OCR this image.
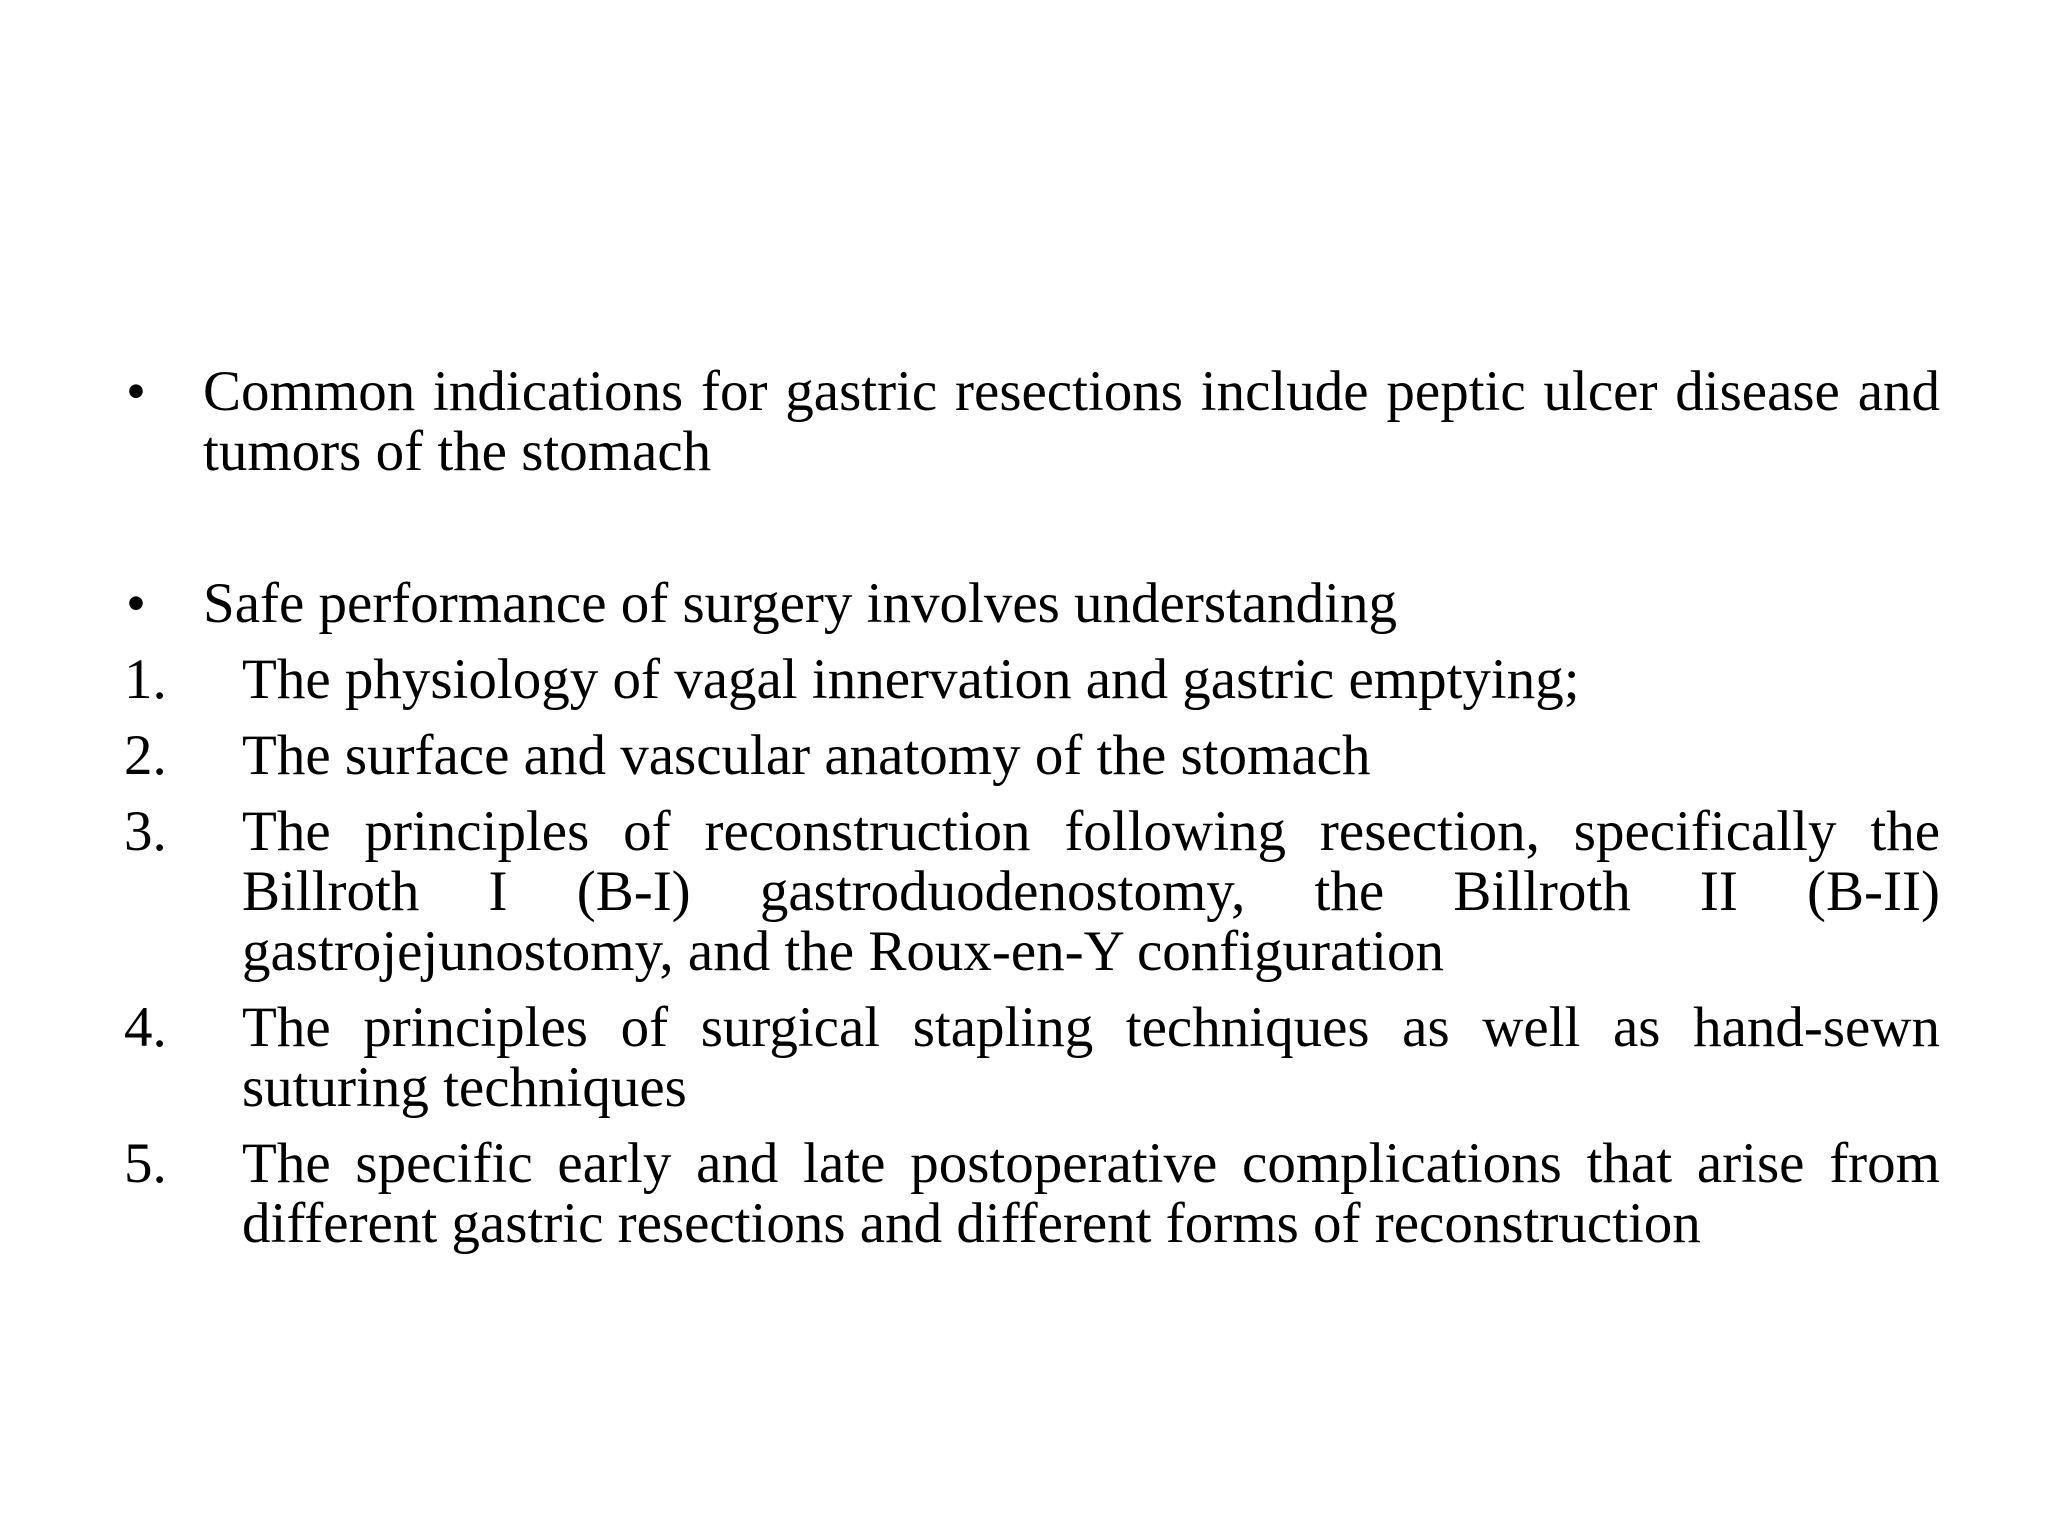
•	Common indications for gastric resections include peptic ulcer disease and tumors of the stomach
•	Safe performance of surgery involves understanding
1.	The physiology of vagal innervation and gastric emptying;
2.	The surface and vascular anatomy of the stomach
3.	The principles of reconstruction following resection, specifically the Billroth I (B-I) gastroduodenostomy, the Billroth II (B-II) gastrojejunostomy, and the Roux-en-Y configuration
4.	The principles of surgical stapling techniques as well as hand-sewn suturing techniques
5.	The specific early and late postoperative complications that arise from different gastric resections and different forms of reconstruction
